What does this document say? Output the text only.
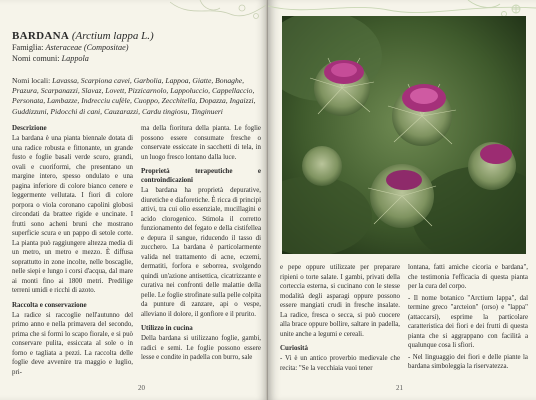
BARDANA (Arctium lappa L.)
Famiglia: Asteraceae (Compositae)
Nomi comuni: Lappola
Nomi locali: Lavassa, Scarpiona cavei, Garbolia, Lappoa, Giatte, Bonaghe, Prazura, Scarpanazzi, Slavaz, Lovett, Pizzicarnolo, Lappoluccio, Cappellaccio, Personata, Lambazze, Indrecciu cufèle, Cuoppo, Zecchitella, Dopazza, Ingaizzi, Guddizzuni, Pidocchi di cani, Cauzarazzi, Cardu tingiosu, Tinginueri
Descrizione

La bardana è una pianta biennale dotata di una radice robusta e fittonante, un grande fusto e foglie basali verde scuro, grandi, ovali e cuoriformi, che presentano un margine intero, spesso ondulato e una pagina inferiore di colore bianco cenere e leggermente vellutata. I fiori di colore porpora o viola coronano capolini globosi circondati da brattee rigide e uncinate. I frutti sono acheni bruni che mostrano superficie scura e un pappo di setole corte. La pianta può raggiungere altezza media di un metro, un metro e mezzo. È diffusa soprattutto in zone incolte, nelle boscaglie, nelle siepi e lungo i corsi d'acqua, dal mare ai monti fino ai 1800 metri. Predilige terreni umidi e ricchi di azoto.

Raccolta e conservazione

La radice si raccoglie nell'autunno del primo anno e nella primavera del secondo, prima che si formi lo scapo fiorale, e si può conservare pulita, essiccata al sole o in forno e tagliata a pezzi. La raccolta delle foglie deve avvenire tra maggio e luglio, pri-

ma della fioritura della pianta. Le foglie possono essere consumate fresche o conservate essiccate in sacchetti di tela, in un luogo fresco lontano dalla luce.

Proprietà terapeutiche e controindicazioni

La bardana ha proprietà depurative, diuretiche e diaforetiche. È ricca di principi attivi, tra cui olio essenziale, mucillagini e acido clorogenico. Stimola il corretto funzionamento del fegato e della cistifellea e depura il sangue, riducendo il tasso di zucchero. La bardana è particolarmente valida nel trattamento di acne, eczemi, dermatiti, forfora e seborrea, svolgendo quindi un'azione antisettica, cicatrizzante e curativa nei confronti delle malattie della pelle. Le foglie strofinate sulla pelle colpita da punture di zanzare, api o vespe, alleviano il dolore, il gonfiore e il prurito.

Utilizzo in cucina

Della bardana si utilizzano foglie, gambi, radici e semi. Le foglie possono essere lesse e condite in padella con burro, sale

20

e pepe oppure utilizzate per preparare ripieni o torte salate. I gambi, privati della corteccia esterna, si cucinano con le stesse modalità degli asparagi oppure possono essere mangiati crudi in fresche insalate. La radice, fresca o secca, si può cuocere alla brace oppure bollire, saltare in padella, unite anche a legumi e cereali.

Curiosità

- Vi è un antico proverbio medievale che recita: "Se la vecchiaia vuoi tener

lontana, fatti amiche cicoria e bardana", che testimonia l'efficacia di questa pianta per la cura del corpo.

- Il nome botanico "Arctium lappa", dal termine greco "arcteion" (orso) e "lappa" (attaccarsi), esprime la particolare caratteristica dei fiori e dei frutti di questa pianta che si aggrappano con facilità a qualunque cosa li sfiori.

- Nel linguaggio dei fiori e delle piante la bardana simboleggia la riservatezza.

21
